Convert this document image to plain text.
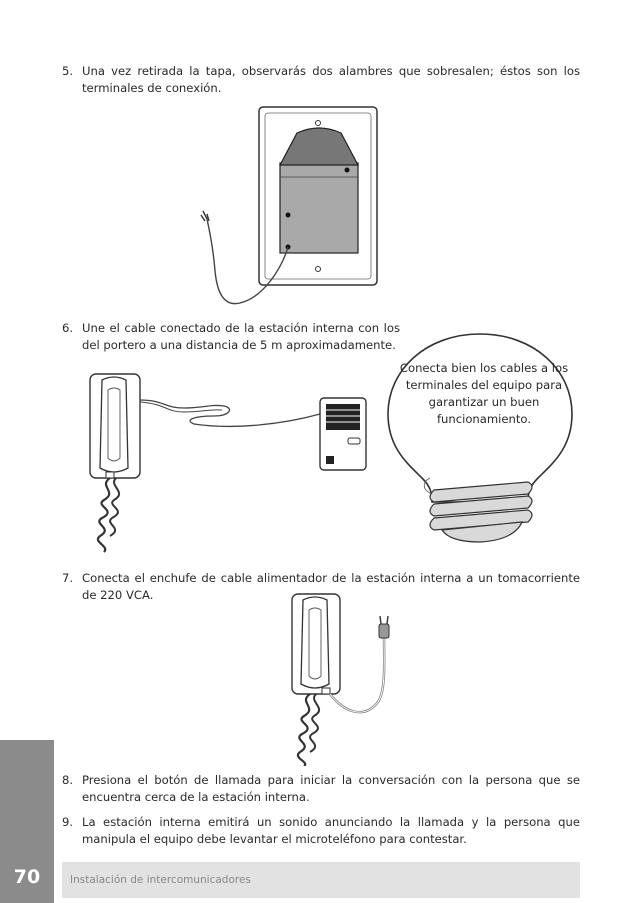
5. Una vez retirada la tapa, observarás dos alambres que sobresalen; éstos son los terminales de conexión.
6. Une el cable conectado de la estación interna con los del portero a una distancia de 5 m aproximadamente.
Conecta bien los cables a los terminales del equipo para garantizar un buen funcionamiento.
7. Conecta el enchufe de cable alimentador de la estación interna a un tomacorriente de 220 VCA.
8. Presiona el botón de llamada para iniciar la conversación con la persona que se encuentra cerca de la estación interna.
9. La estación interna emitirá un sonido anunciando la llamada y la persona que manipula el equipo debe levantar el microteléfono para contestar.
70	Instalación de intercomunicadores
